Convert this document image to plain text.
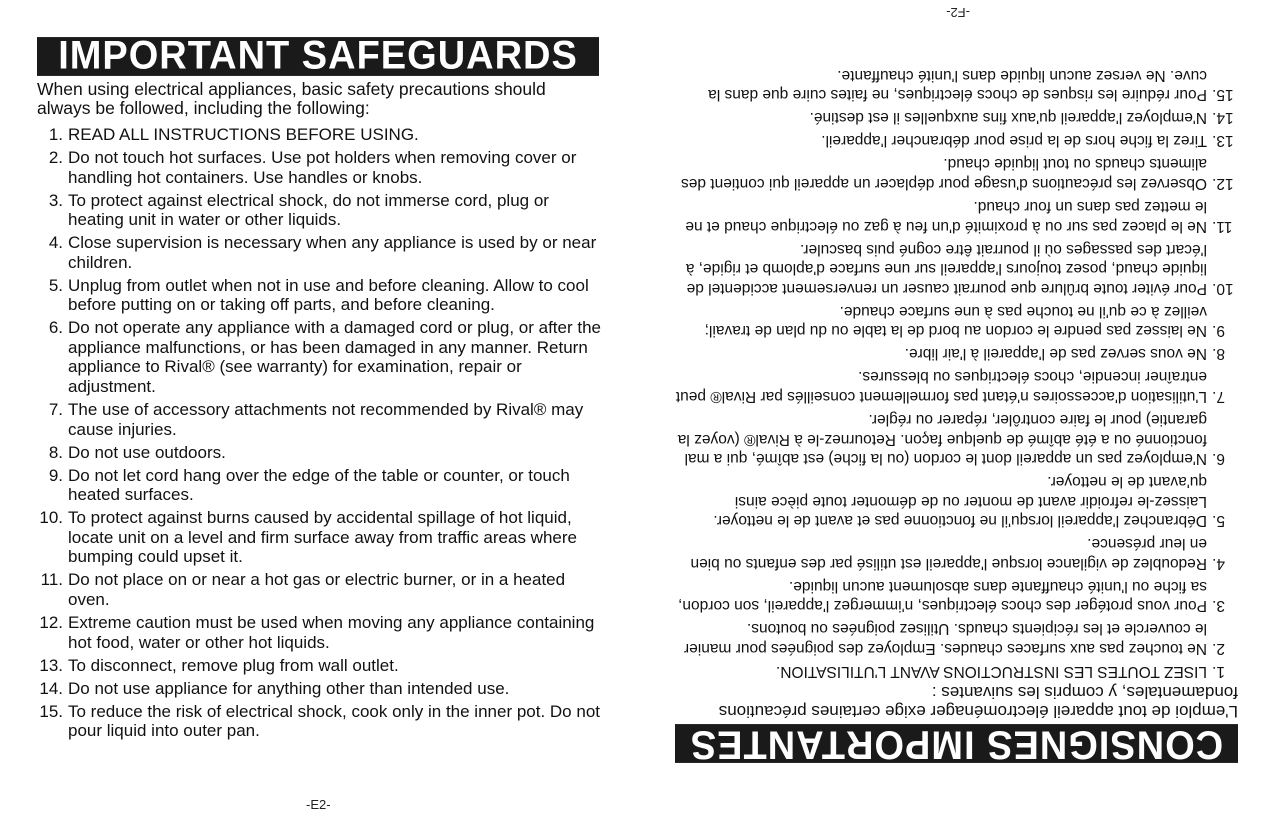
IMPORTANT SAFEGUARDS
When using electrical appliances, basic safety precautions should always be followed, including the following:
1. READ ALL INSTRUCTIONS BEFORE USING.
2. Do not touch hot surfaces. Use pot holders when removing cover or handling hot containers. Use handles or knobs.
3. To protect against electrical shock, do not immerse cord, plug or heating unit in water or other liquids.
4. Close supervision is necessary when any appliance is used by or near children.
5. Unplug from outlet when not in use and before cleaning. Allow to cool before putting on or taking off parts, and before cleaning.
6. Do not operate any appliance with a damaged cord or plug, or after the appliance malfunctions, or has been damaged in any manner. Return appliance to Rival® (see warranty) for examination, repair or adjustment.
7. The use of accessory attachments not recommended by Rival® may cause injuries.
8. Do not use outdoors.
9. Do not let cord hang over the edge of the table or counter, or touch heated surfaces.
10. To protect against burns caused by accidental spillage of hot liquid, locate unit on a level and firm surface away from traffic areas where bumping could upset it.
11. Do not place on or near a hot gas or electric burner, or in a heated oven.
12. Extreme caution must be used when moving any appliance containing hot food, water or other hot liquids.
13. To disconnect, remove plug from wall outlet.
14. Do not use appliance for anything other than intended use.
15. To reduce the risk of electrical shock, cook only in the inner pot. Do not pour liquid into outer pan.
-E2-
CONSIGNES IMPORTANTES
L'emploi de tout appareil électroménager exige certaines précautions fondamentales, y compris les suivantes :
1.
LISEZ TOUTES LES INSTRUCTIONS AVANT L'UTILISATION.
2.
Ne touchez pas aux surfaces chaudes. Employez des poignées pour manier le couvercle et les récipients chauds. Utilisez poignées ou boutons.
3.
Pour vous protéger des chocs électriques, n'immergez l'appareil, son cordon, sa fiche ou l'unité chauffante dans absolument aucun liquide.
4.
Redoublez de vigilance lorsque l'appareil est utilisé par des enfants ou bien en leur présence.
5.
Débranchez l'appareil lorsqu'il ne fonctionne pas et avant de le nettoyer. Laissez-le refroidir avant de monter ou de démonter toute pièce ainsi qu'avant de le nettoyer.
6.
N'employez pas un appareil dont le cordon (ou la fiche) est abîmé, qui a mal fonctionné ou a été abîmé de quelque façon. Retournez-le à Rival® (voyez la garantie) pour le faire contrôler, réparer ou régler.
7.
L'utilisation d'accessoires n'étant pas formellement conseillés par Rival® peut entraîner incendie, chocs électriques ou blessures.
8.
Ne vous servez pas de l'appareil à l'air libre.
9.
Ne laissez pas pendre le cordon au bord de la table ou du plan de travail; veillez à ce qu'il ne touche pas à une surface chaude.
10.
Pour éviter toute brûlure que pourrait causer un renversement accidentel de liquide chaud, posez toujours l'appareil sur une surface d'aplomb et rigide, à l'écart des passages où il pourrait être cogné puis basculer.
11.
Ne le placez pas sur ou à proximité d'un feu à gaz ou électrique chaud et ne le mettez pas dans un four chaud.
12.
Observez les précautions d'usage pour déplacer un appareil qui contient des aliments chauds ou tout liquide chaud.
13.
Tirez la fiche hors de la prise pour débrancher l'appareil.
14.
N'employez l'appareil qu'aux fins auxquelles il est destiné.
15.
Pour réduire les risques de chocs électriques, ne faites cuire que dans la cuve. Ne versez aucun liquide dans l'unité chauffante.
-F2-
